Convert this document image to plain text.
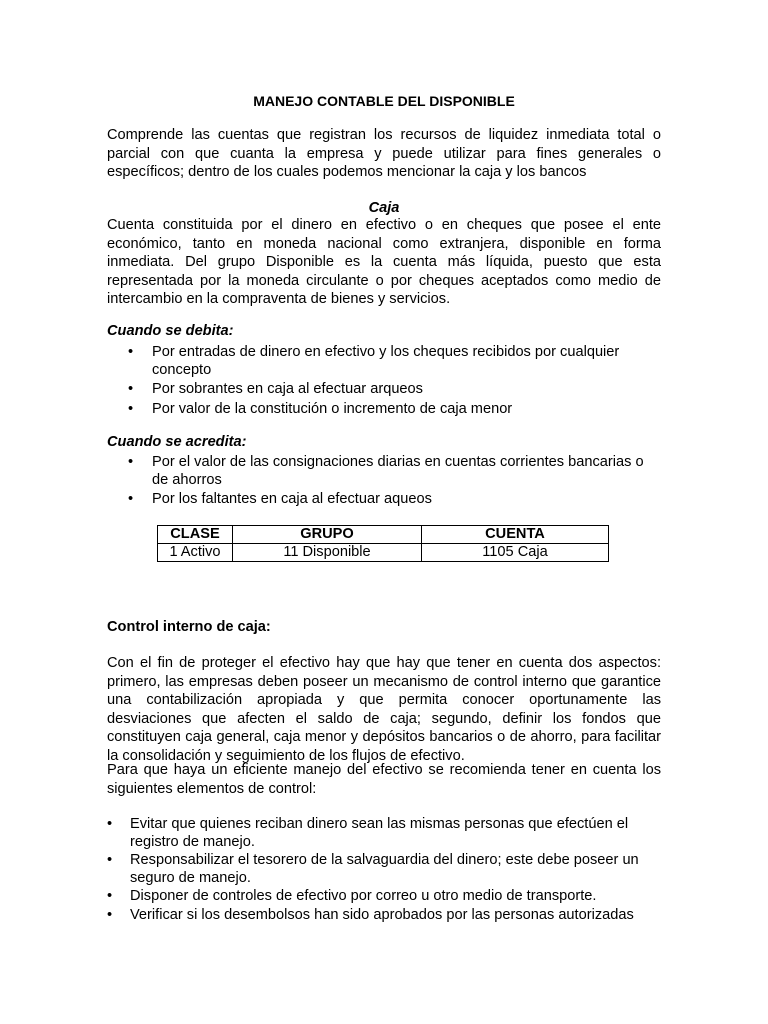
MANEJO CONTABLE DEL DISPONIBLE
Comprende las cuentas que registran los recursos de liquidez inmediata total o parcial con que cuanta la empresa y puede utilizar para fines generales o específicos; dentro de los cuales podemos mencionar la caja y los bancos
Caja
Cuenta constituida por el dinero en efectivo o en cheques que posee el ente económico, tanto en moneda nacional como extranjera, disponible en forma inmediata. Del grupo Disponible es la cuenta más líquida, puesto que esta representada por la moneda circulante o por cheques aceptados como medio de intercambio en la compraventa de bienes y servicios.
Cuando se debita:
• Por entradas de dinero en efectivo y los cheques recibidos por cualquier concepto
• Por sobrantes en caja al efectuar arqueos
• Por valor de la constitución o incremento de caja menor
Cuando se acredita:
• Por el valor de las consignaciones diarias en cuentas corrientes bancarias o de ahorros
• Por los faltantes en caja al efectuar aqueos
CLASE	GRUPO	CUENTA
1 Activo	11 Disponible	1105 Caja
Control interno de caja:
Con el fin de proteger el efectivo hay que hay que tener en cuenta dos aspectos: primero, las empresas deben poseer un mecanismo de control interno que garantice una contabilización apropiada y que permita conocer oportunamente las desviaciones que afecten el saldo de caja; segundo, definir los fondos que constituyen caja general, caja menor y depósitos bancarios o de ahorro, para facilitar la consolidación y seguimiento de los flujos de efectivo.
Para que haya un eficiente manejo del efectivo se recomienda tener en cuenta los siguientes elementos de control:
• Evitar que quienes reciban dinero sean las mismas personas que efectúen el registro de manejo.
• Responsabilizar el tesorero de la salvaguardia del dinero; este debe poseer un seguro de manejo.
• Disponer de controles de efectivo por correo u otro medio de transporte.
• Verificar si los desembolsos han sido aprobados por las personas autorizadas
